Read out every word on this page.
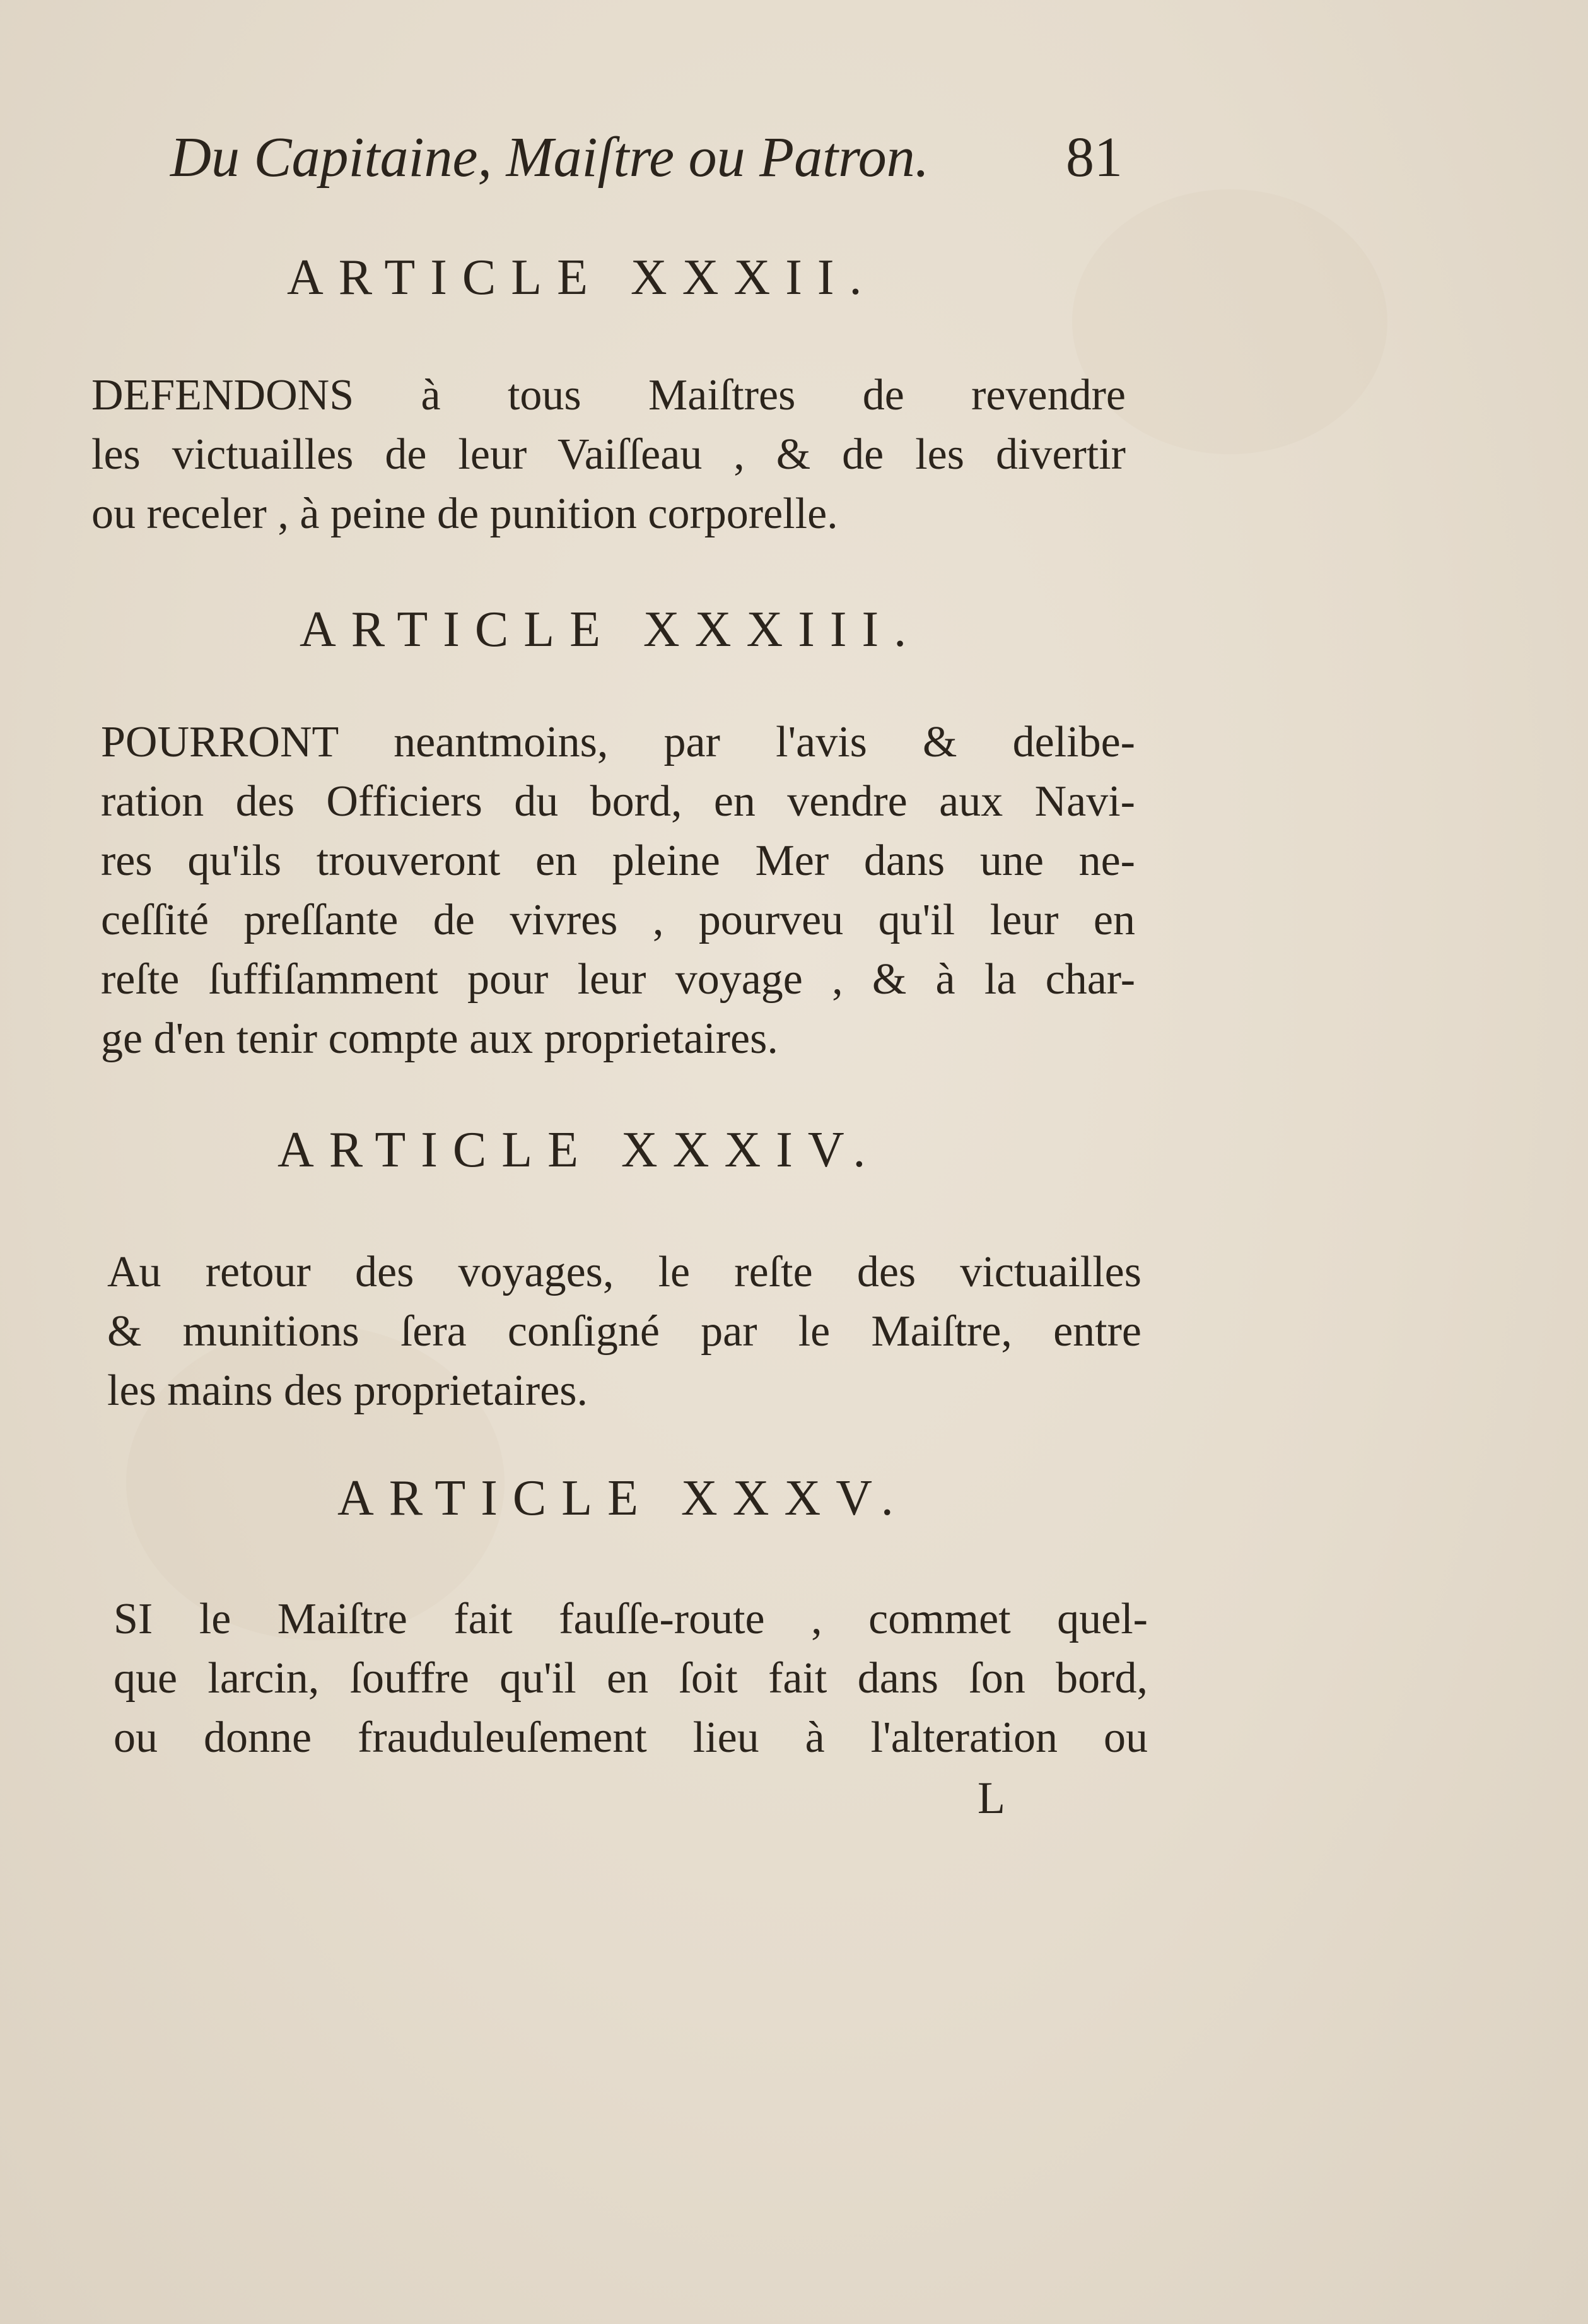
Du Capitaine, Maiſtre ou Patron. 81
ARTICLE XXXII.
DEFENDONS à tous Maiſtres de revendre
les victuailles de leur Vaiſſeau , & de les divertir
ou receler , à peine de punition corporelle.
ARTICLE XXXIII.
POURRONT neantmoins, par l'avis & delibe-
ration des Officiers du bord, en vendre aux Navi-
res qu'ils trouveront en pleine Mer dans une ne-
ceſſité preſſante de vivres , pourveu qu'il leur en
reſte ſuffiſamment pour leur voyage , & à la char-
ge d'en tenir compte aux proprietaires.
ARTICLE XXXIV.
Au retour des voyages, le reſte des victuailles
& munitions ſera conſigné par le Maiſtre, entre
les mains des proprietaires.
ARTICLE XXXV.
SI le Maiſtre fait fauſſe-route , commet quel-
que larcin, ſouffre qu'il en ſoit fait dans ſon bord,
ou donne frauduleuſement lieu à l'alteration ou
L
